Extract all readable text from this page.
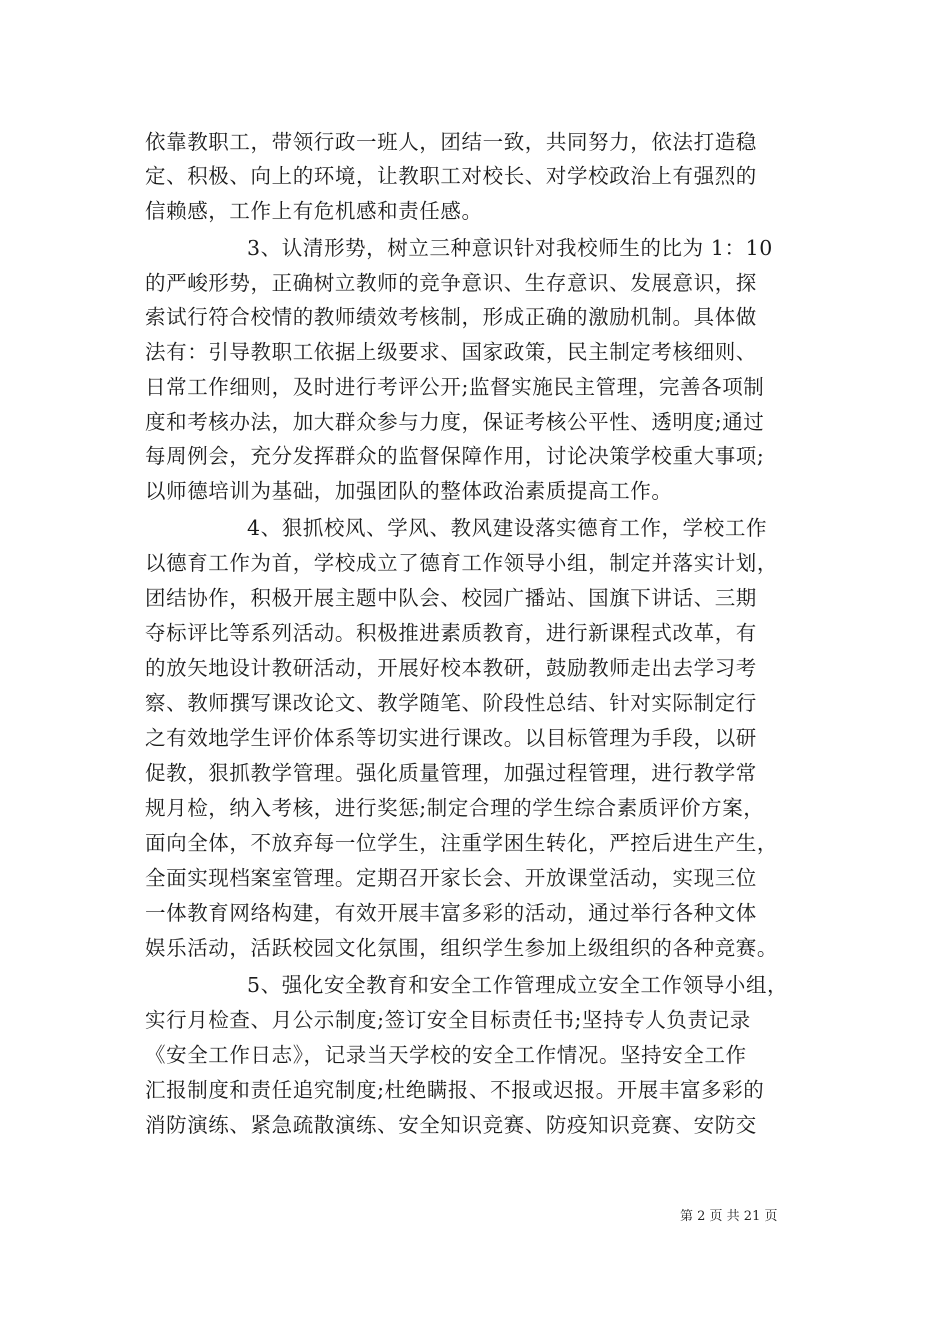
依靠教职工，带领行政一班人，团结一致，共同努力，依法打造稳
定、积极、向上的环境，让教职工对校长、对学校政治上有强烈的
信赖感，工作上有危机感和责任感。
3、认清形势，树立三种意识针对我校师生的比为 1：10
的严峻形势，正确树立教师的竞争意识、生存意识、发展意识，探
索试行符合校情的教师绩效考核制，形成正确的激励机制。具体做
法有：引导教职工依据上级要求、国家政策，民主制定考核细则、
日常工作细则，及时进行考评公开;监督实施民主管理，完善各项制
度和考核办法，加大群众参与力度，保证考核公平性、透明度;通过
每周例会，充分发挥群众的监督保障作用，讨论决策学校重大事项;
以师德培训为基础，加强团队的整体政治素质提高工作。
4、狠抓校风、学风、教风建设落实德育工作，学校工作
以德育工作为首，学校成立了德育工作领导小组，制定并落实计划，
团结协作，积极开展主题中队会、校园广播站、国旗下讲话、三期
夺标评比等系列活动。积极推进素质教育，进行新课程式改革，有
的放矢地设计教研活动，开展好校本教研，鼓励教师走出去学习考
察、教师撰写课改论文、教学随笔、阶段性总结、针对实际制定行
之有效地学生评价体系等切实进行课改。以目标管理为手段，以研
促教，狠抓教学管理。强化质量管理，加强过程管理，进行教学常
规月检，纳入考核，进行奖惩;制定合理的学生综合素质评价方案，
面向全体，不放弃每一位学生，注重学困生转化，严控后进生产生，
全面实现档案室管理。定期召开家长会、开放课堂活动，实现三位
一体教育网络构建，有效开展丰富多彩的活动，通过举行各种文体
娱乐活动，活跃校园文化氛围，组织学生参加上级组织的各种竞赛。
5、强化安全教育和安全工作管理成立安全工作领导小组，
实行月检查、月公示制度;签订安全目标责任书;坚持专人负责记录
《安全工作日志》，记录当天学校的安全工作情况。坚持安全工作
汇报制度和责任追究制度;杜绝瞒报、不报或迟报。开展丰富多彩的
消防演练、紧急疏散演练、安全知识竞赛、防疫知识竞赛、安防交
第 2 页 共 21 页
